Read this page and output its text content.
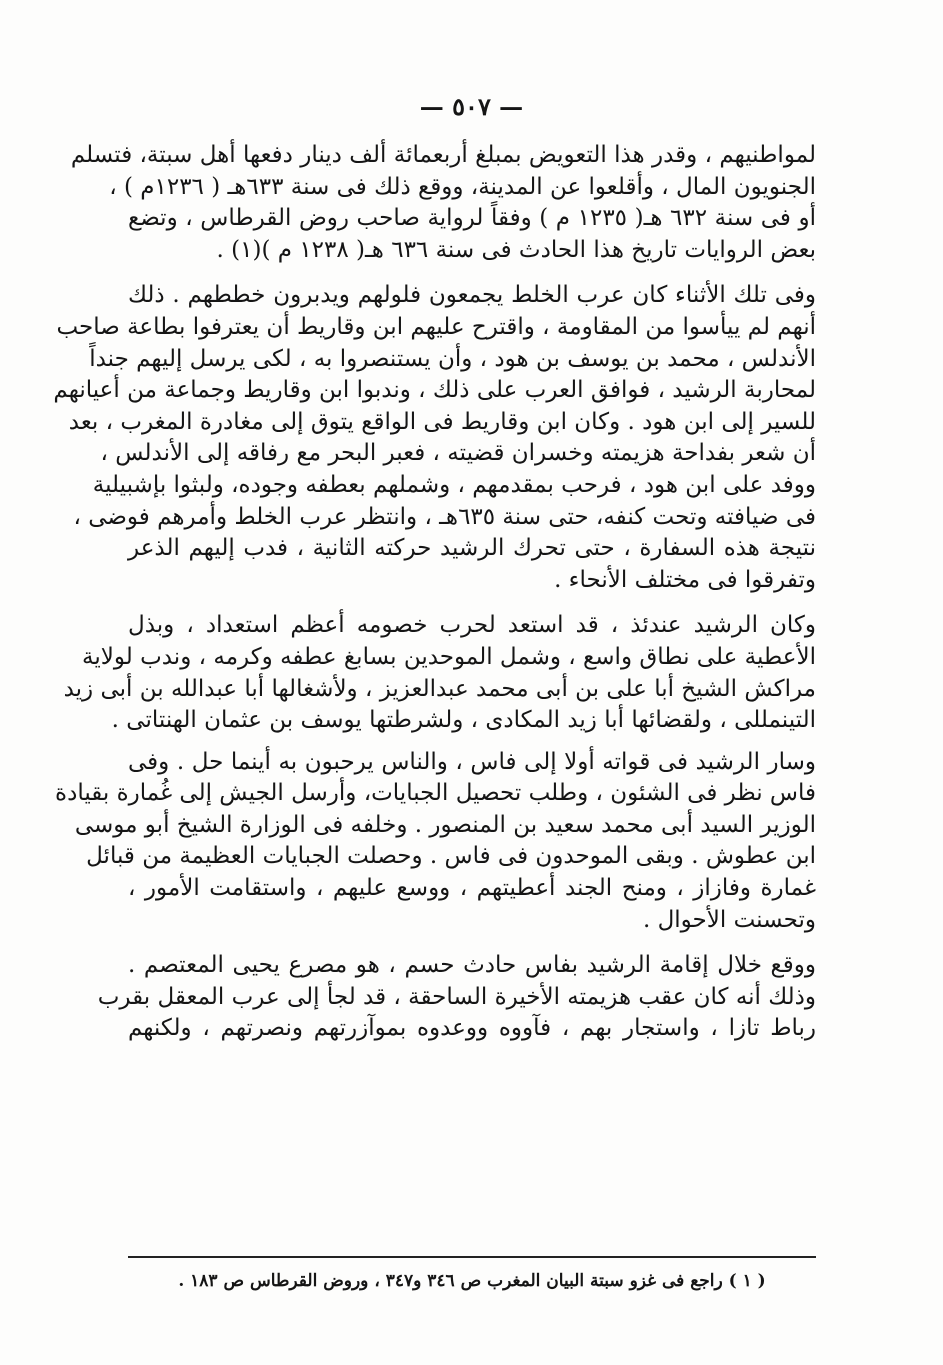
— ٥٠٧ —

لمواطنيهم ، وقدر هذا التعويض بمبلغ أربعمائة ألف دينار دفعها أهل سبتة، فتسلم
الجنويون المال ، وأقلعوا عن المدينة، ووقع ذلك فى سنة ٦٣٣هـ ( ١٢٣٦م ) ،
أو فى سنة ٦٣٢ هـ( ١٢٣٥ م ) وفقاً لرواية صاحب روض القرطاس ، وتضع
بعض الروايات تاريخ هذا الحادث فى سنة ٦٣٦ هـ( ١٢٣٨ م )(١) .

وفى تلك الأثناء كان عرب الخلط يجمعون فلولهم ويدبرون خططهم . ذلك
أنهم لم ييأسوا من المقاومة ، واقترح عليهم ابن وقاريط أن يعترفوا بطاعة صاحب
الأندلس ، محمد بن يوسف بن هود ، وأن يستنصروا به ، لكى يرسل إليهم جنداً
لمحاربة الرشيد ، فوافق العرب على ذلك ، وندبوا ابن وقاريط وجماعة من أعيانهم
للسير إلى ابن هود . وكان ابن وقاريط فى الواقع يتوق إلى مغادرة المغرب ، بعد
أن شعر بفداحة هزيمته وخسران قضيته ، فعبر البحر مع رفاقه إلى الأندلس ،
ووفد على ابن هود ، فرحب بمقدمهم ، وشملهم بعطفه وجوده، ولبثوا بإشبيلية
فى ضيافته وتحت كنفه، حتى سنة ٦٣٥هـ ، وانتظر عرب الخلط وأمرهم فوضى ،
نتيجة هذه السفارة ، حتى تحرك الرشيد حركته الثانية ، فدب إليهم الذعر
وتفرقوا فى مختلف الأنحاء .

وكان الرشيد عندئذ ، قد استعد لحرب خصومه أعظم استعداد ، وبذل
الأعطية على نطاق واسع ، وشمل الموحدين بسابغ عطفه وكرمه ، وندب لولاية
مراكش الشيخ أبا على بن أبى محمد عبدالعزيز ، ولأشغالها أبا عبدالله بن أبى زيد
التينمللى ، ولقضائها أبا زيد المكادى ، ولشرطتها يوسف بن عثمان الهنتاتى .

وسار الرشيد فى قواته أولا إلى فاس ، والناس يرحبون به أينما حل . وفى
فاس نظر فى الشئون ، وطلب تحصيل الجبايات، وأرسل الجيش إلى غُمارة بقيادة
الوزير السيد أبى محمد سعيد بن المنصور . وخلفه فى الوزارة الشيخ أبو موسى
ابن عطوش . وبقى الموحدون فى فاس . وحصلت الجبايات العظيمة من قبائل
غمارة وفازاز ، ومنح الجند أعطيتهم ، ووسع عليهم ، واستقامت الأمور ،
وتحسنت الأحوال .

ووقع خلال إقامة الرشيد بفاس حادث حسم ، هو مصرع يحيى المعتصم .
وذلك أنه كان عقب هزيمته الأخيرة الساحقة ، قد لجأ إلى عرب المعقل بقرب
رباط تازا ، واستجار بهم ، فآووه ووعدوه بموآزرتهم ونصرتهم ، ولكنهم

( ١ ) راجع فى غزو سبتة البيان المغرب ص ٣٤٦ و٣٤٧ ، وروض القرطاس ص ١٨٣ .
